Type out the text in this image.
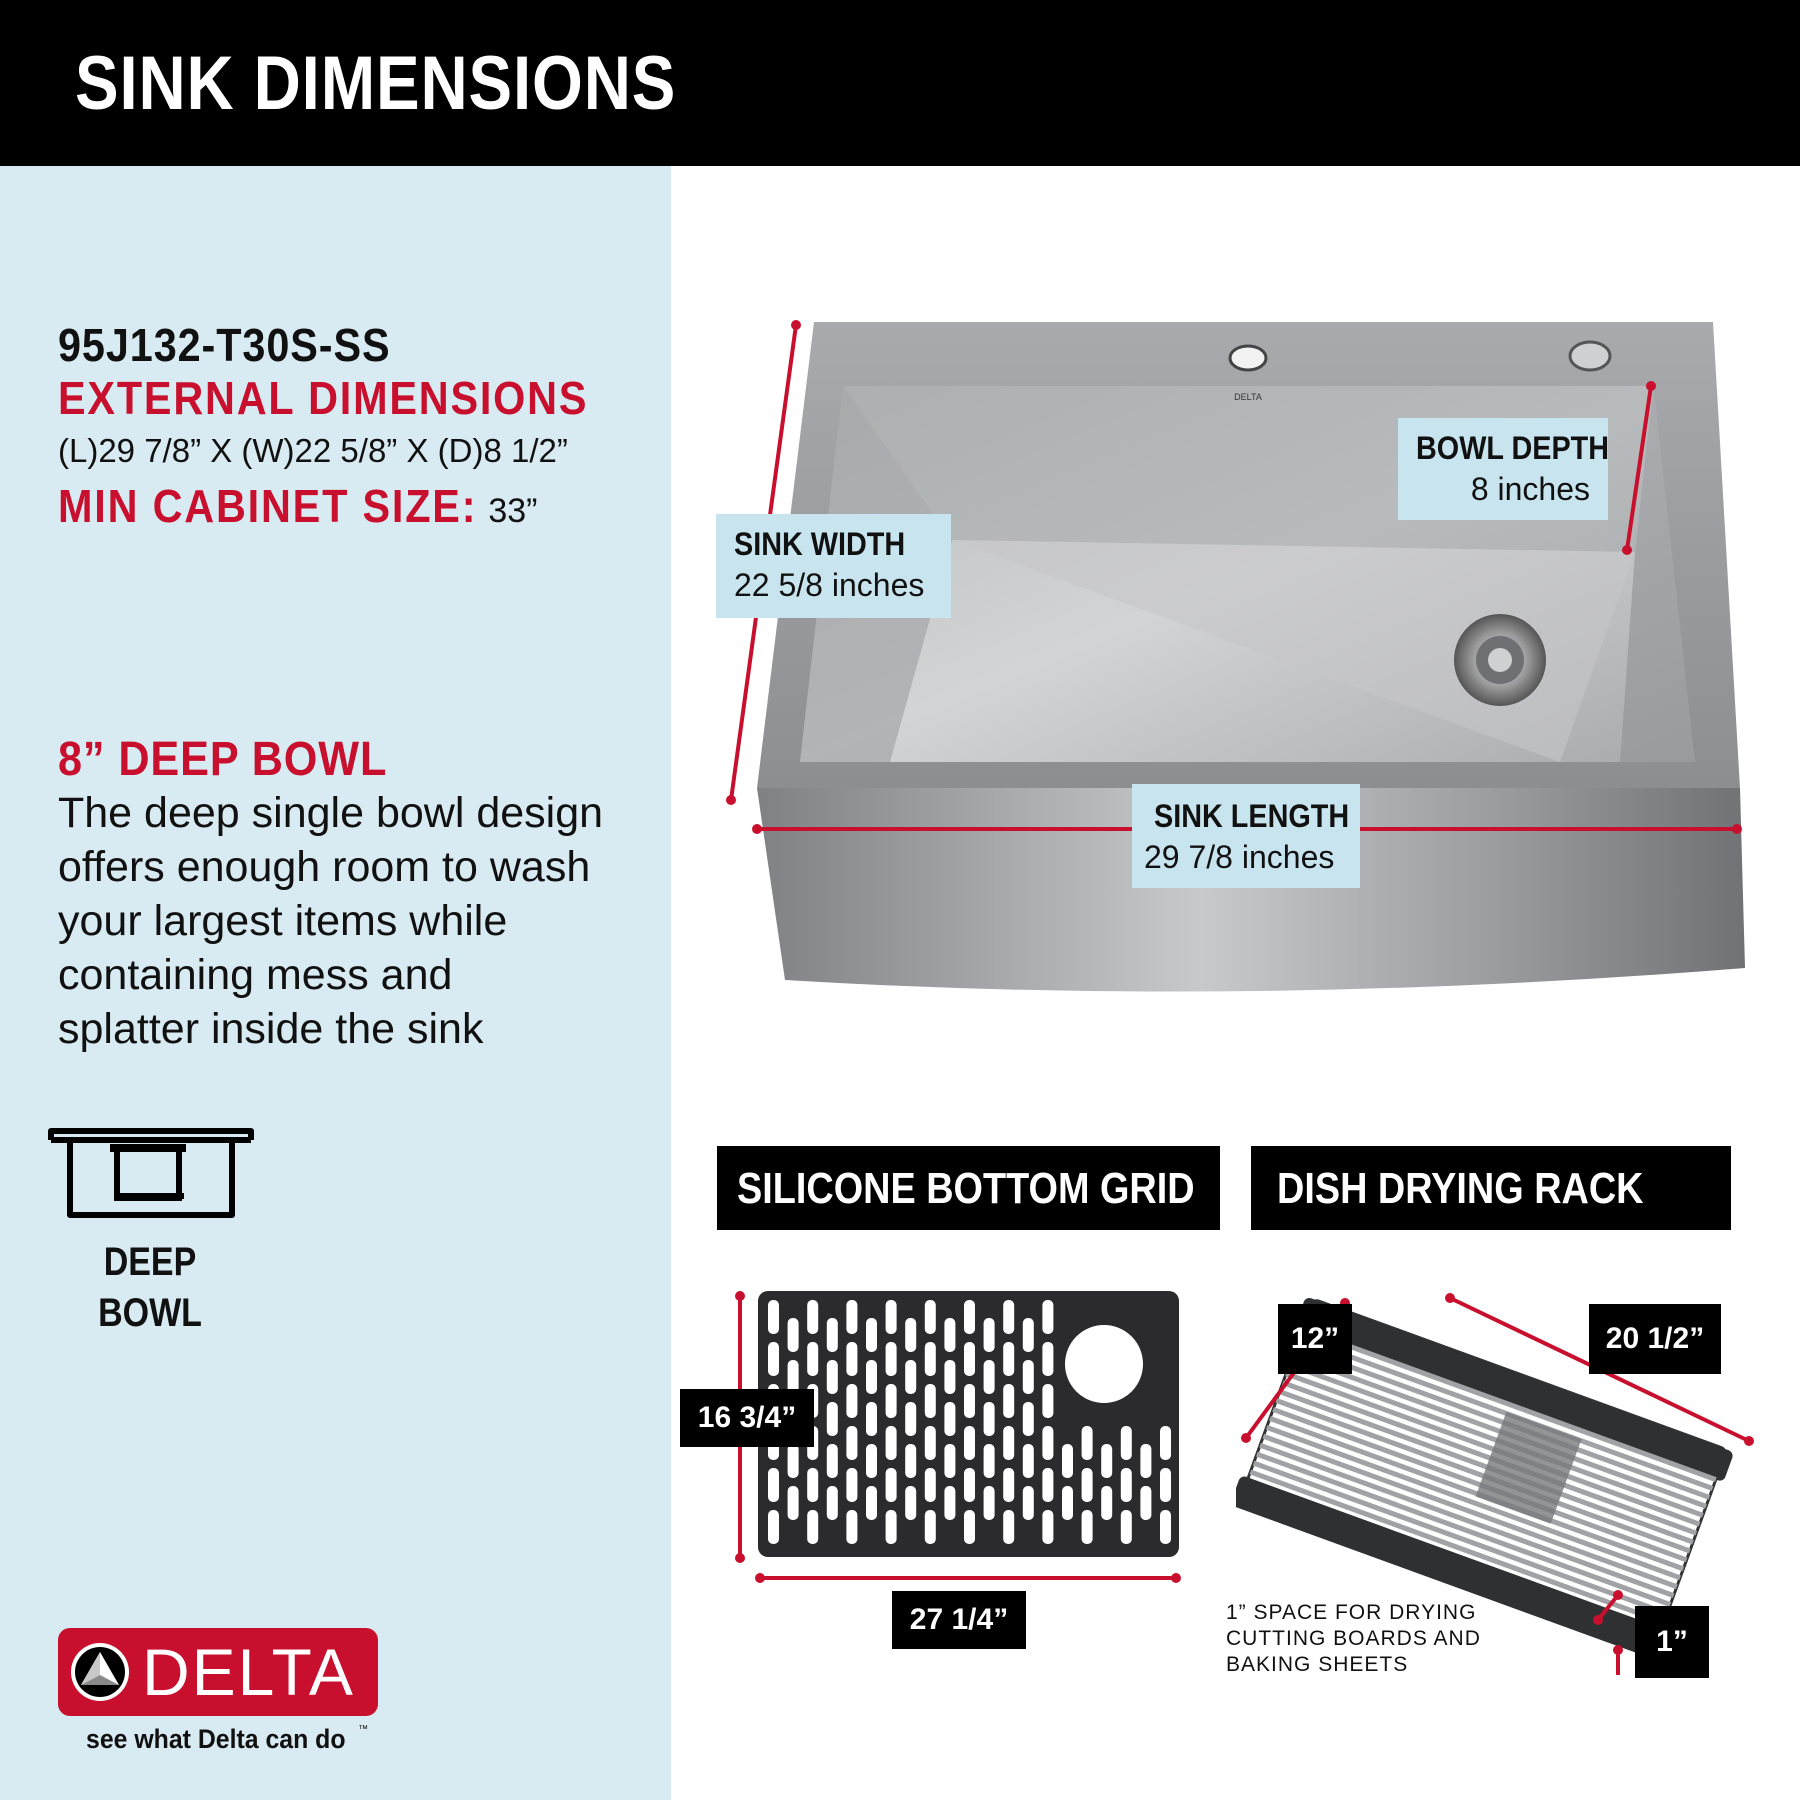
SINK DIMENSIONS
95J132-T30S-SS
EXTERNAL DIMENSIONS
(L)29 7/8” X (W)22 5/8” X (D)8 1/2”
MIN CABINET SIZE: 33”
8” DEEP BOWL
The deep single bowl design
offers enough room to wash
your largest items while
containing mess and
splatter inside the sink
DEEP
BOWL
DELTA
see what Delta can do ™
DELTA
SINK WIDTH
22 5/8 inches
BOWL DEPTH
8 inches
SINK LENGTH
29 7/8 inches
SILICONE BOTTOM GRID DISH DRYING RACK
16 3/4”
27 1/4”
12”	20 1/2”
1”
1” SPACE FOR DRYING
CUTTING BOARDS AND
BAKING SHEETS
